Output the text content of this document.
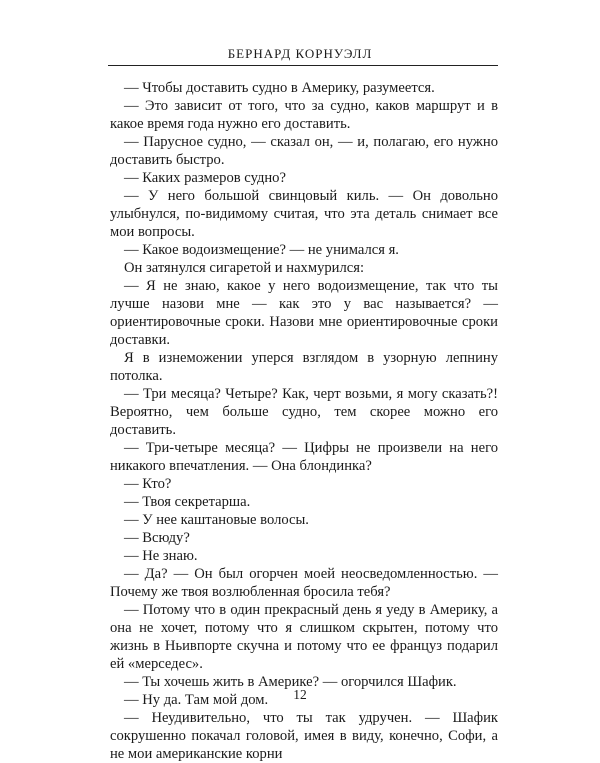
БЕРНАРД КОРНУЭЛЛ

— Чтобы доставить судно в Америку, разумеется.

— Это зависит от того, что за судно, каков маршрут и в какое время года нужно его доставить.

— Парусное судно, — сказал он, — и, полагаю, его нужно доставить быстро.

— Каких размеров судно?

— У него большой свинцовый киль. — Он довольно улыбнулся, по-видимому считая, что эта деталь снимает все мои вопросы.

— Какое водоизмещение? — не унимался я.

Он затянулся сигаретой и нахмурился:

— Я не знаю, какое у него водоизмещение, так что ты лучше назови мне — как это у вас называется? — ориентировочные сроки. Назови мне ориентировочные сроки доставки.

Я в изнеможении уперся взглядом в узорную лепнину потолка.

— Три месяца? Четыре? Как, черт возьми, я могу сказать?! Вероятно, чем больше судно, тем скорее можно его доставить.

— Три-четыре месяца? — Цифры не произвели на него никакого впечатления. — Она блондинка?

— Кто?

— Твоя секретарша.

— У нее каштановые волосы.

— Всюду?

— Не знаю.

— Да? — Он был огорчен моей неосведомленностью. — Почему же твоя возлюбленная бросила тебя?

— Потому что в один прекрасный день я уеду в Америку, а она не хочет, потому что я слишком скрытен, потому что жизнь в Ньивпорте скучна и потому что ее француз подарил ей «мерседес».

— Ты хочешь жить в Америке? — огорчился Шафик.

— Ну да. Там мой дом.

— Неудивительно, что ты так удручен. — Шафик сокрушенно покачал головой, имея в виду, конечно, Софи, а не мои американские корни

12
